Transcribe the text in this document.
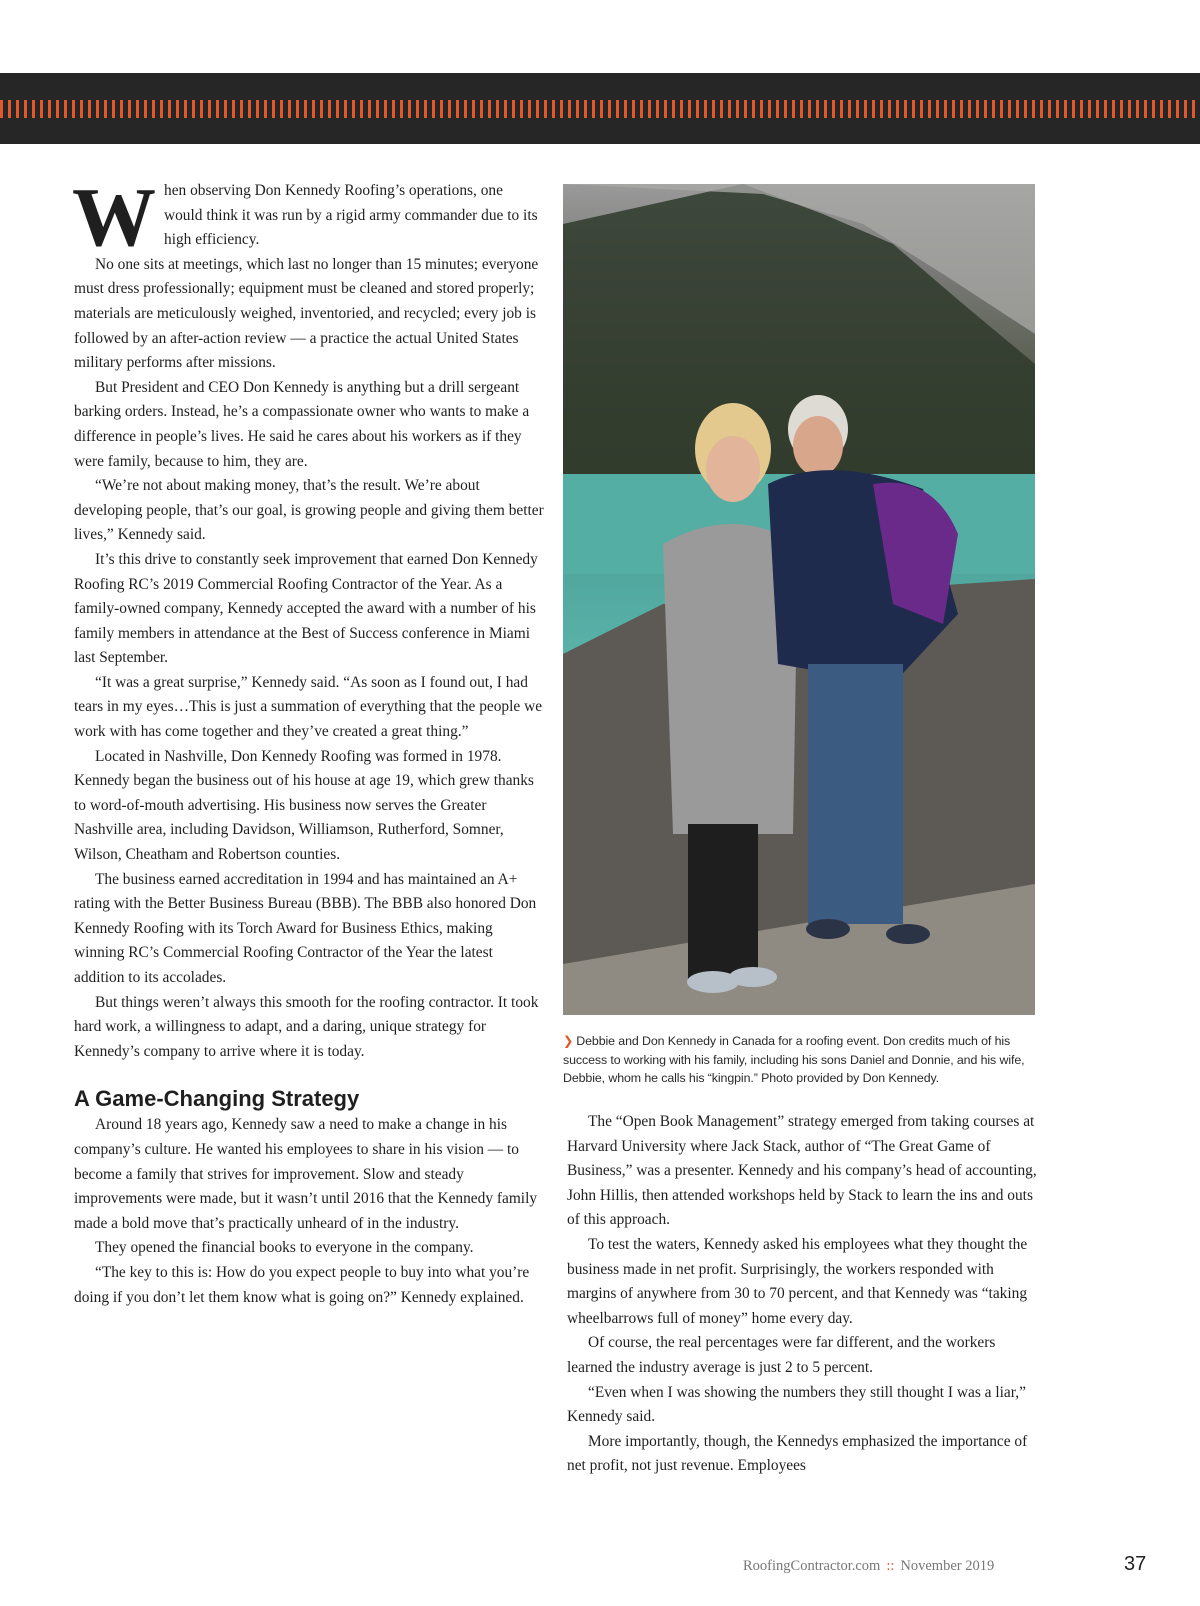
When observing Don Kennedy Roofing’s operations, one would think it was run by a rigid army commander due to its high efficiency.

No one sits at meetings, which last no longer than 15 minutes; everyone must dress professionally; equipment must be cleaned and stored properly; materials are meticulously weighed, inventoried, and recycled; every job is followed by an after-action review — a practice the actual United States military performs after missions.

But President and CEO Don Kennedy is anything but a drill sergeant barking orders. Instead, he’s a compassionate owner who wants to make a difference in people’s lives. He said he cares about his workers as if they were family, because to him, they are.

“We’re not about making money, that’s the result. We’re about developing people, that’s our goal, is growing people and giving them better lives,” Kennedy said.

It’s this drive to constantly seek improvement that earned Don Kennedy Roofing RC’s 2019 Commercial Roofing Contractor of the Year. As a family-owned company, Kennedy accepted the award with a number of his family members in attendance at the Best of Success conference in Miami last September.

“It was a great surprise,” Kennedy said. “As soon as I found out, I had tears in my eyes…This is just a summation of everything that the people we work with has come together and they’ve created a great thing.”

Located in Nashville, Don Kennedy Roofing was formed in 1978. Kennedy began the business out of his house at age 19, which grew thanks to word-of-mouth advertising. His business now serves the Greater Nashville area, including Davidson, Williamson, Rutherford, Somner, Wilson, Cheatham and Robertson counties.

The business earned accreditation in 1994 and has maintained an A+ rating with the Better Business Bureau (BBB). The BBB also honored Don Kennedy Roofing with its Torch Award for Business Ethics, making winning RC’s Commercial Roofing Contractor of the Year the latest addition to its accolades.

But things weren’t always this smooth for the roofing contractor. It took hard work, a willingness to adapt, and a daring, unique strategy for Kennedy’s company to arrive where it is today.

A Game-Changing Strategy

Around 18 years ago, Kennedy saw a need to make a change in his company’s culture. He wanted his employees to share in his vision — to become a family that strives for improvement. Slow and steady improvements were made, but it wasn’t until 2016 that the Kennedy family made a bold move that’s practically unheard of in the industry.

They opened the financial books to everyone in the company.

“The key to this is: How do you expect people to buy into what you’re doing if you don’t let them know what is going on?” Kennedy explained.

❯ Debbie and Don Kennedy in Canada for a roofing event. Don credits much of his success to working with his family, including his sons Daniel and Donnie, and his wife, Debbie, whom he calls his “kingpin.” Photo provided by Don Kennedy.

The “Open Book Management” strategy emerged from taking courses at Harvard University where Jack Stack, author of “The Great Game of Business,” was a presenter. Kennedy and his company’s head of accounting, John Hillis, then attended workshops held by Stack to learn the ins and outs of this approach.

To test the waters, Kennedy asked his employees what they thought the business made in net profit. Surprisingly, the workers responded with margins of anywhere from 30 to 70 percent, and that Kennedy was “taking wheelbarrows full of money” home every day.

Of course, the real percentages were far different, and the workers learned the industry average is just 2 to 5 percent.

“Even when I was showing the numbers they still thought I was a liar,” Kennedy said.

More importantly, though, the Kennedys emphasized the importance of net profit, not just revenue. Employees

RoofingContractor.com :: November 2019	37
